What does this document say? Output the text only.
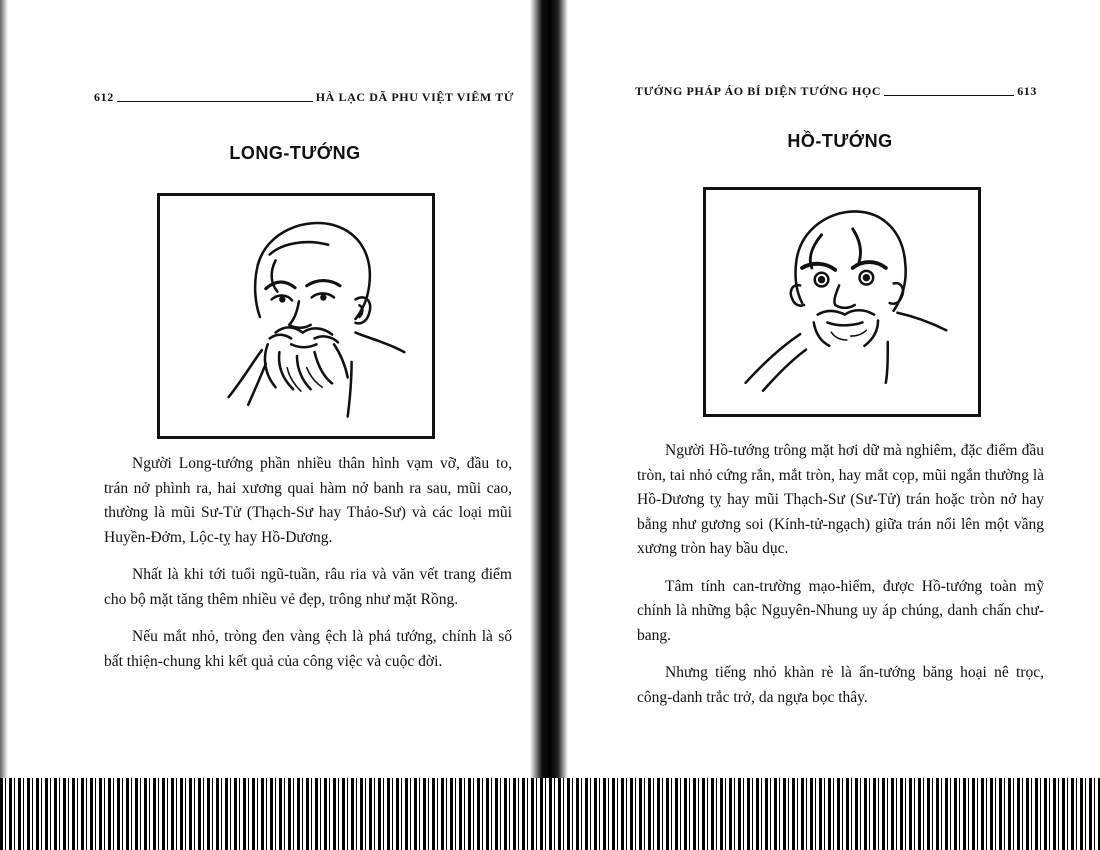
612	HÀ LẠC DÃ PHU VIỆT VIÊM TỬ
LONG-TƯỚNG

Người Long-tướng phần nhiều thân hình vạm vỡ, đầu to, trán nở phình ra, hai xương quai hàm nở banh ra sau, mũi cao, thường là mũi Sư-Tử (Thạch-Sư hay Thảo-Sư) và các loại mũi Huyền-Đởm, Lộc-tỵ hay Hồ-Dương.

Nhất là khi tới tuổi ngũ-tuần, râu ria và văn vết trang điểm cho bộ mặt tăng thêm nhiều vẻ đẹp, trông như mặt Rồng.

Nếu mắt nhỏ, tròng đen vàng ệch là phá tướng, chính là số bất thiện-chung khi kết quả của công việc và cuộc đời.

TƯỚNG PHÁP ÁO BÍ DIỆN TƯỚNG HỌC	613
HỒ-TƯỚNG

Người Hồ-tướng trông mặt hơi dữ mà nghiêm, đặc điểm đầu tròn, tai nhỏ cứng rắn, mắt tròn, hay mắt cọp, mũi ngắn thường là Hồ-Dương tỵ hay mũi Thạch-Sư (Sư-Tử) trán hoặc tròn nở hay bằng như gương soi (Kính-tử-ngạch) giữa trán nổi lên một vầng xương tròn hay bầu dục.

Tâm tính can-trường mạo-hiểm, được Hồ-tướng toàn mỹ chính là những bậc Nguyên-Nhung uy áp chúng, danh chấn chư-bang.

Nhưng tiếng nhỏ khàn rè là ẩn-tướng băng hoại nê trọc, công-danh trắc trở, da ngựa bọc thây.
